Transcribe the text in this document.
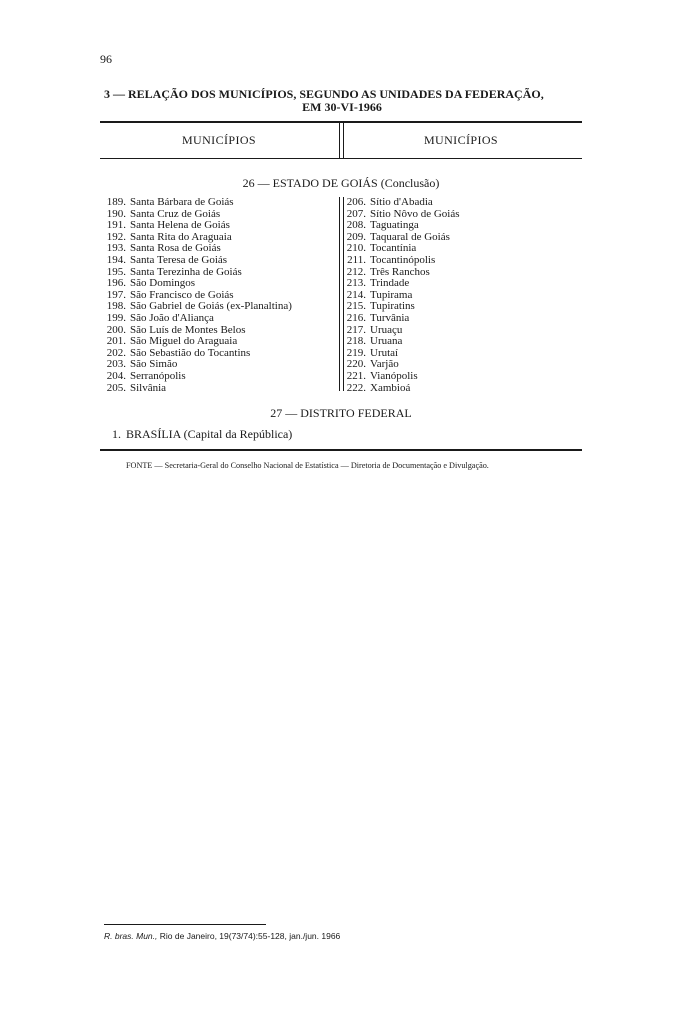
96
3 — RELAÇÃO DOS MUNICÍPIOS, SEGUNDO AS UNIDADES DA FEDERAÇÃO,
EM 30-VI-1966
MUNICÍPIOS	MUNICÍPIOS
26 — ESTADO DE GOIÁS (Conclusão)
189. Santa Bárbara de Goiás
190. Santa Cruz de Goiás
191. Santa Helena de Goiás
192. Santa Rita do Araguaia
193. Santa Rosa de Goiás
194. Santa Teresa de Goiás
195. Santa Terezinha de Goiás
196. São Domingos
197. São Francisco de Goiás
198. São Gabriel de Goiás (ex-Planaltina)
199. São João d'Aliança
200. São Luís de Montes Belos
201. São Miguel do Araguaia
202. São Sebastião do Tocantins
203. São Simão
204. Serranópolis
205. Silvânia
206. Sítio d'Abadia
207. Sítio Nôvo de Goiás
208. Taguatinga
209. Taquaral de Goiás
210. Tocantínia
211. Tocantinópolis
212. Três Ranchos
213. Trindade
214. Tupirama
215. Tupiratins
216. Turvânia
217. Uruaçu
218. Uruana
219. Urutaí
220. Varjão
221. Vianópolis
222. Xambioá
27 — DISTRITO FEDERAL
1. BRASÍLIA (Capital da República)
FONTE — Secretaria-Geral do Conselho Nacional de Estatística — Diretoria de Documentação e Divulgação.
R. bras. Mun., Rio de Janeiro, 19(73/74):55-128, jan./jun. 1966
